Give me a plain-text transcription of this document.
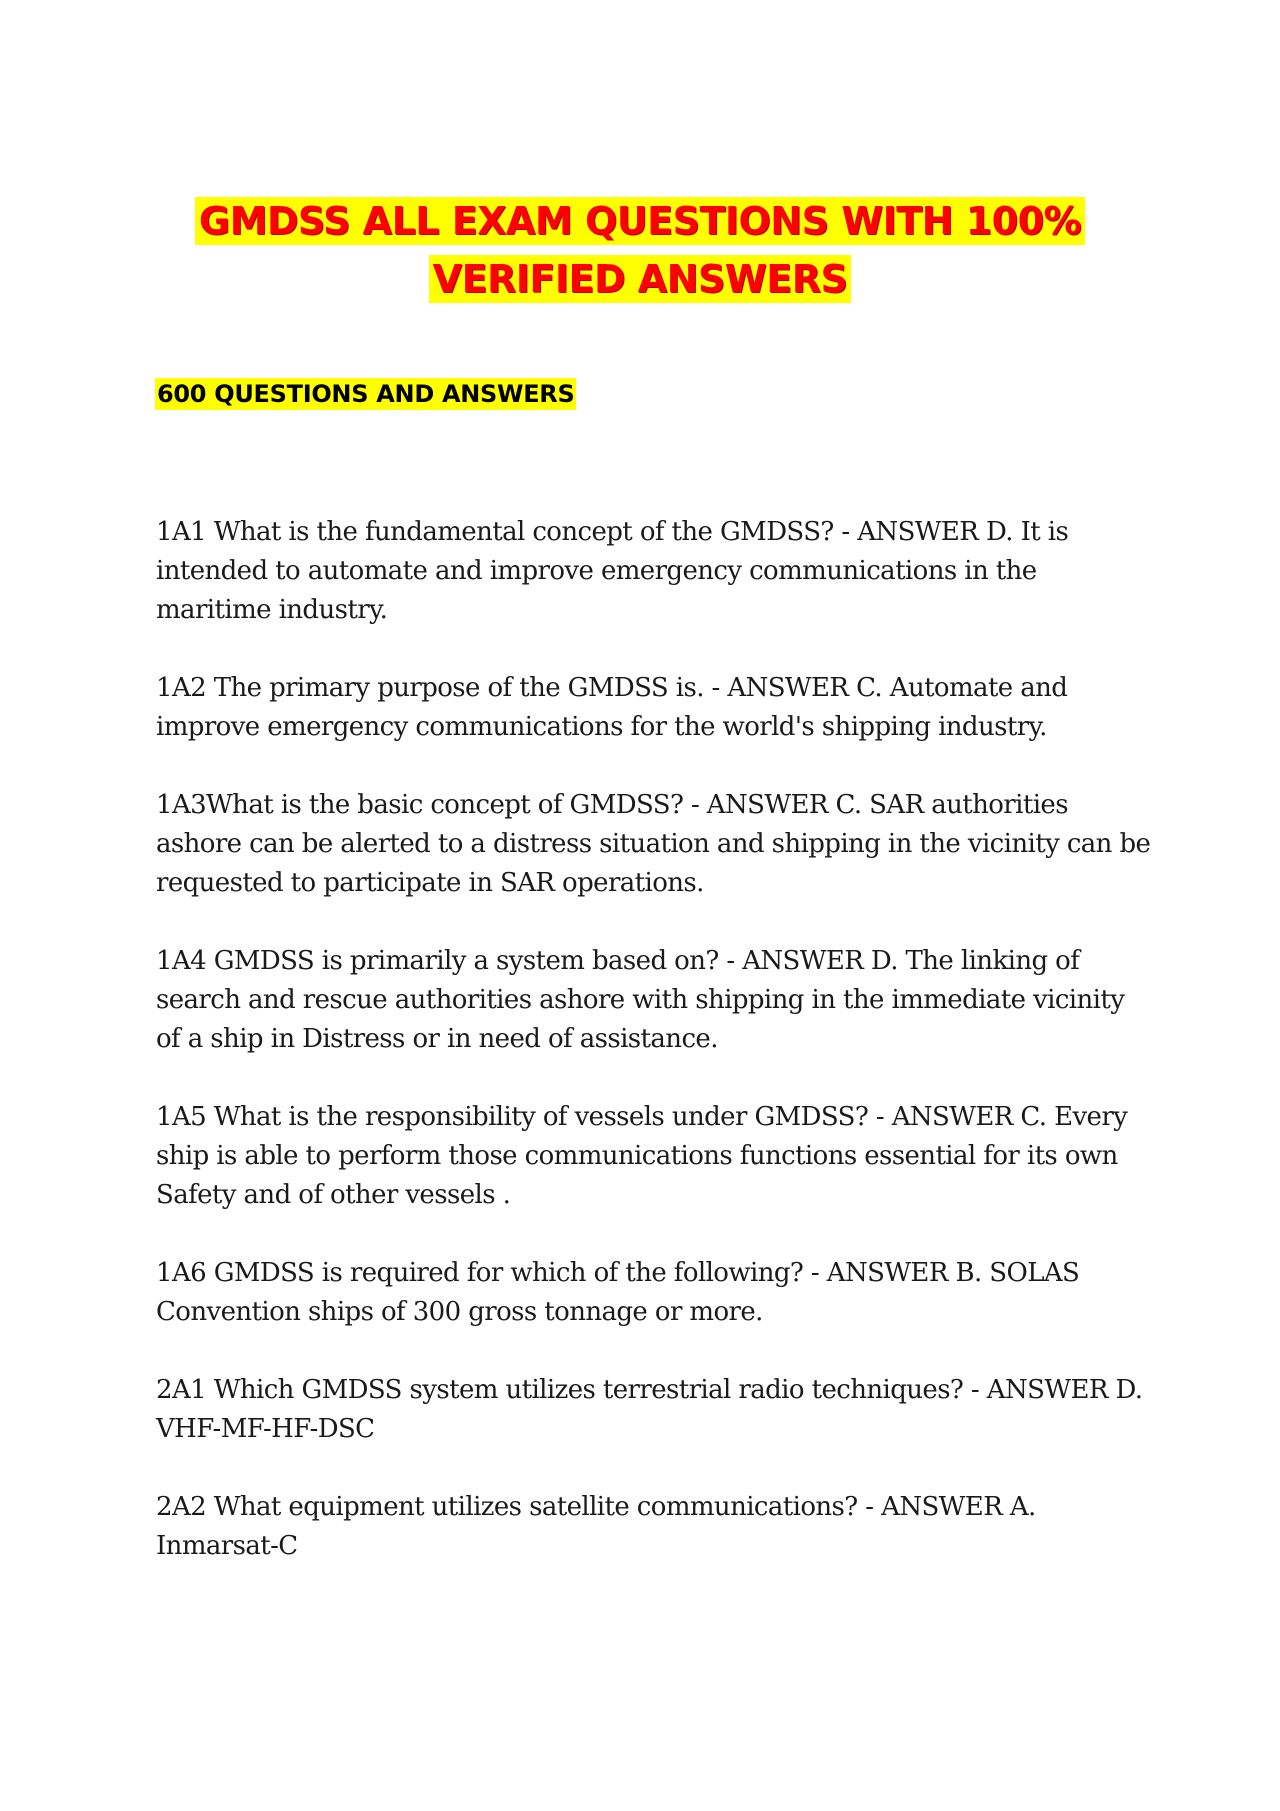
GMDSS ALL EXAM QUESTIONS WITH 100% VERIFIED ANSWERS
600 QUESTIONS AND ANSWERS
1A1 What is the fundamental concept of the GMDSS? - ANSWER D. It is intended to automate and improve emergency communications in the maritime industry.
1A2 The primary purpose of the GMDSS is. - ANSWER C. Automate and improve emergency communications for the world's shipping industry.
1A3What is the basic concept of GMDSS? - ANSWER C. SAR authorities ashore can be alerted to a distress situation and shipping in the vicinity can be requested to participate in SAR operations.
1A4 GMDSS is primarily a system based on? - ANSWER D. The linking of search and rescue authorities ashore with shipping in the immediate vicinity of a ship in Distress or in need of assistance.
1A5 What is the responsibility of vessels under GMDSS? - ANSWER C. Every ship is able to perform those communications functions essential for its own Safety and of other vessels .
1A6 GMDSS is required for which of the following? - ANSWER B. SOLAS Convention ships of 300 gross tonnage or more.
2A1 Which GMDSS system utilizes terrestrial radio techniques? - ANSWER D. VHF-MF-HF-DSC
2A2 What equipment utilizes satellite communications? - ANSWER A. Inmarsat-C
